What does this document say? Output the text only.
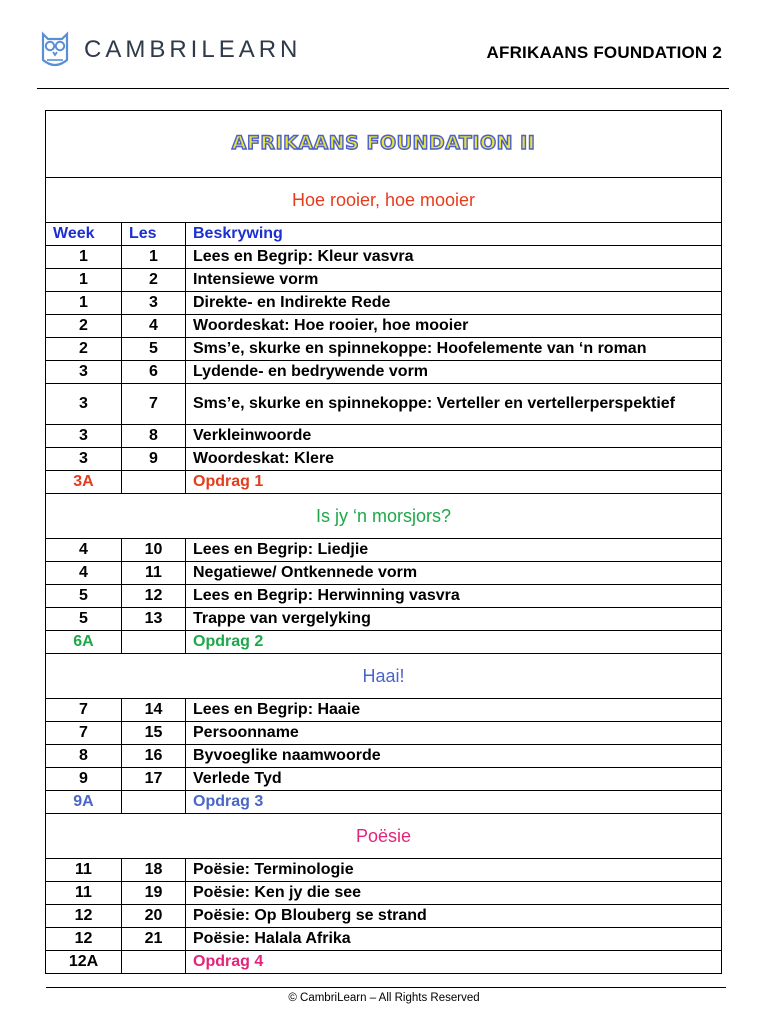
CAMBRILEARN	AFRIKAANS FOUNDATION 2
AFRIKAANS FOUNDATION II		
Hoe rooier, hoe mooier		
Week	Les	Beskrywing
1	1	Lees en Begrip: Kleur vasvra
1	2	Intensiewe vorm
1	3	Direkte- en Indirekte Rede
2	4	Woordeskat: Hoe rooier, hoe mooier
2	5	Sms’e, skurke en spinnekoppe: Hoofelemente van ‘n roman
3	6	Lydende- en bedrywende vorm
3	7	Sms’e, skurke en spinnekoppe: Verteller en vertellerperspektief
3	8	Verkleinwoorde
3	9	Woordeskat: Klere
3A		Opdrag 1
Is jy ‘n morsjors?		
4	10	Lees en Begrip: Liedjie
4	11	Negatiewe/ Ontkennede vorm
5	12	Lees en Begrip: Herwinning vasvra
5	13	Trappe van vergelyking
6A		Opdrag 2
Haai!		
7	14	Lees en Begrip: Haaie
7	15	Persoonname
8	16	Byvoeglike naamwoorde
9	17	Verlede Tyd
9A		Opdrag 3
Poësie		
11	18	Poësie: Terminologie
11	19	Poësie: Ken jy die see
12	20	Poësie: Op Blouberg se strand
12	21	Poësie: Halala Afrika
12A		Opdrag 4
© CambriLearn – All Rights Reserved
